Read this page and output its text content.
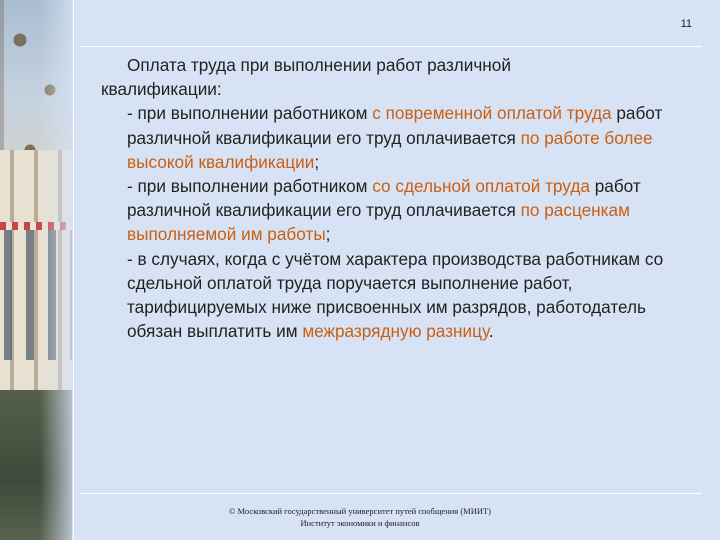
11

Оплата труда при выполнении работ различной

квалификации:

- при выполнении работником с повременной оплатой труда работ различной квалификации его труд оплачивается по работе более высокой квалификации;

- при выполнении работником со сдельной оплатой труда работ различной квалификации его труд оплачивается по расценкам выполняемой им работы;

- в случаях, когда с учётом характера производства работникам со сдельной оплатой труда поручается выполнение работ, тарифицируемых ниже присвоенных им разрядов, работодатель обязан выплатить им межразрядную разницу.

© Московский государственный университет путей сообщения (МИИТ)
Институт экономики и финансов
